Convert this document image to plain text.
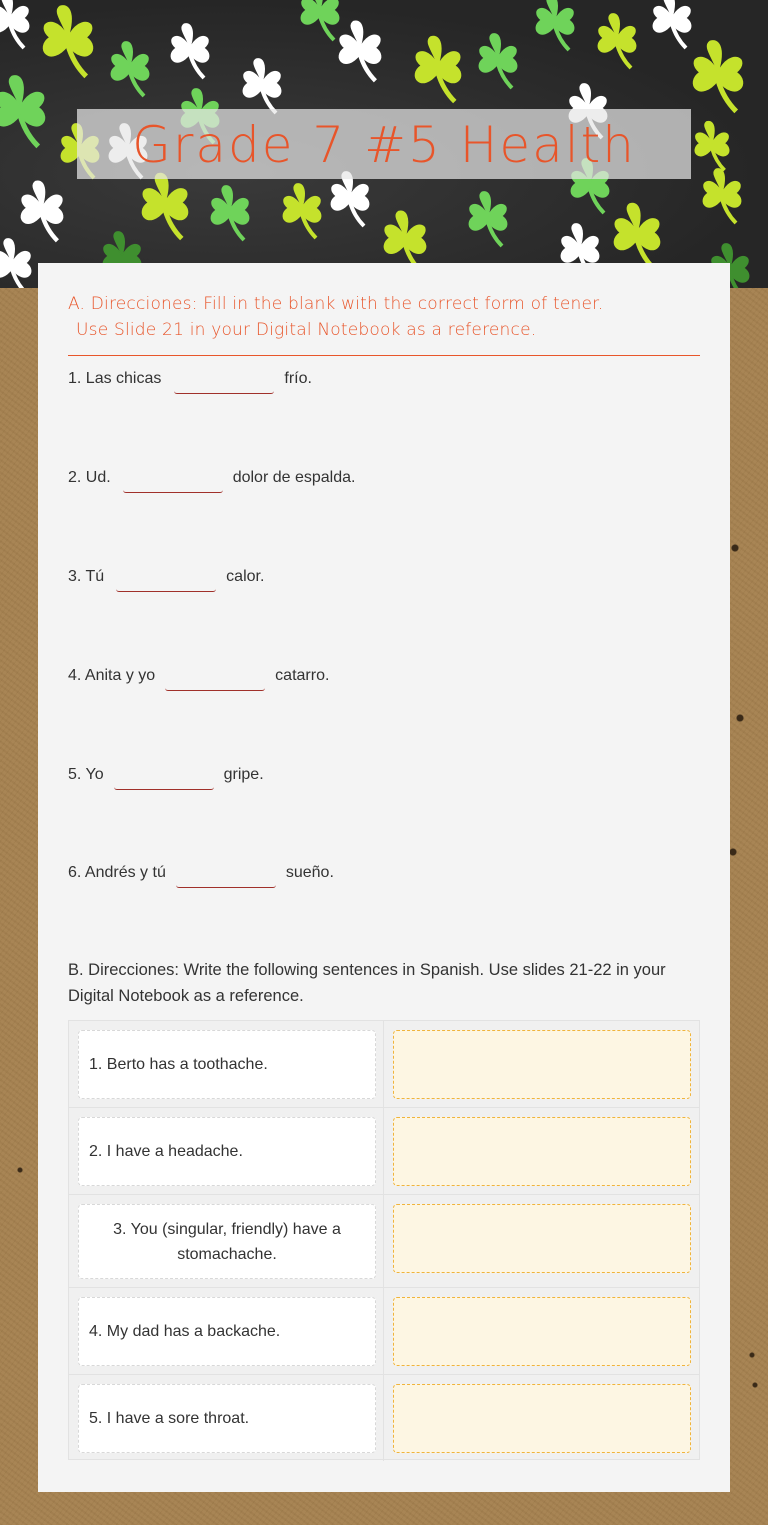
Grade 7 #5 Health
A. Direcciones: Fill in the blank with the correct form of tener.
Use Slide 21 in your Digital Notebook as a reference.
1. Las chicas	frío.
2. Ud.	dolor de espalda.
3. Tú	calor.
4. Anita y yo	catarro.
5. Yo	gripe.
6. Andrés y tú	sueño.
B. Direcciones: Write the following sentences in Spanish. Use slides 21-22 in your Digital Notebook as a reference.
1. Berto has a toothache.
2. I have a headache.
3. You (singular, friendly) have a stomachache.
4. My dad has a backache.
5. I have a sore throat.
